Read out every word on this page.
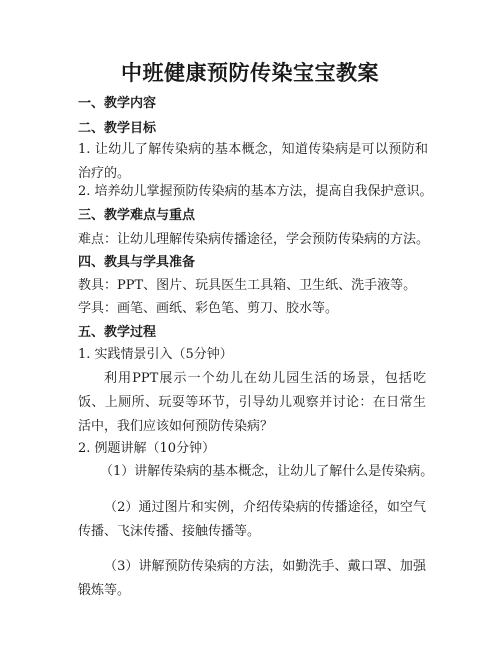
中班健康预防传染宝宝教案
一、教学内容
二、教学目标
1. 让幼儿了解传染病的基本概念，知道传染病是可以预防和治疗的。
2. 培养幼儿掌握预防传染病的基本方法，提高自我保护意识。
三、教学难点与重点
难点：让幼儿理解传染病传播途径，学会预防传染病的方法。
四、教具与学具准备
教具：PPT、图片、玩具医生工具箱、卫生纸、洗手液等。
学具：画笔、画纸、彩色笔、剪刀、胶水等。
五、教学过程
1. 实践情景引入（5分钟）
利用PPT展示一个幼儿在幼儿园生活的场景，包括吃饭、上厕所、玩耍等环节，引导幼儿观察并讨论：在日常生活中，我们应该如何预防传染病？
2. 例题讲解（10分钟）
（1）讲解传染病的基本概念，让幼儿了解什么是传染病。
（2）通过图片和实例，介绍传染病的传播途径，如空气传播、飞沫传播、接触传播等。
（3）讲解预防传染病的方法，如勤洗手、戴口罩、加强锻炼等。
